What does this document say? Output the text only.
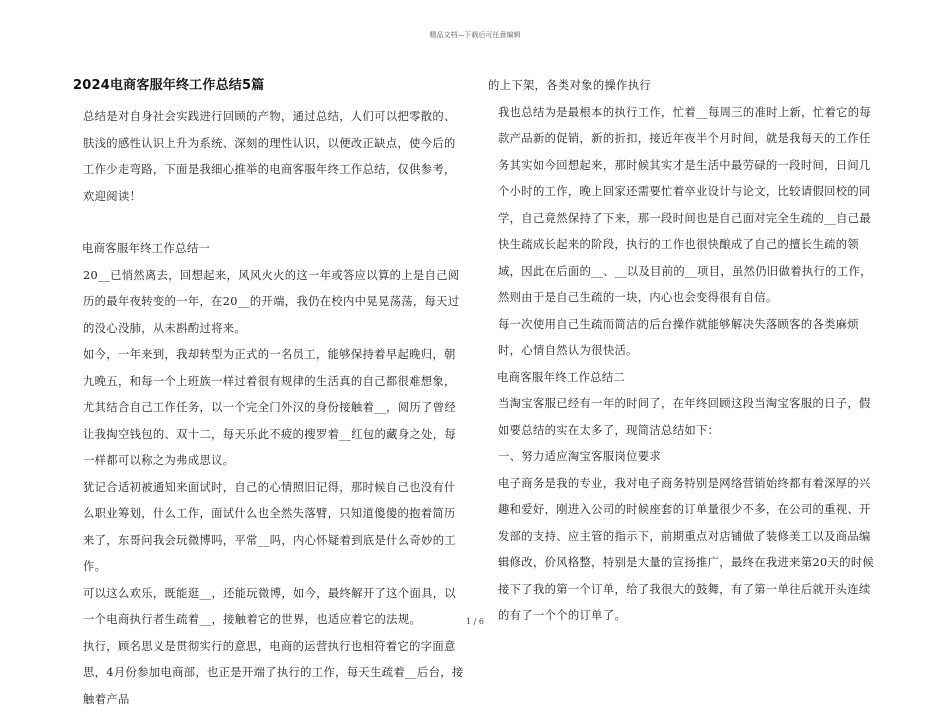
精品文档—下载后可任意编辑
2024电商客服年终工作总结5篇

总结是对自身社会实践进行回顾的产物，通过总结，人们可以把零散的、肤浅的感性认识上升为系统、深刻的理性认识，以便改正缺点，使今后的工作少走弯路，下面是我细心推举的电商客服年终工作总结，仅供参考，欢迎阅读！

电商客服年终工作总结一

20__已悄然离去，回想起来，风风火火的这一年或答应以算的上是自己阅历的最年夜转变的一年，在20__的开端，我仍在校内中晃晃荡荡，每天过的没心没肺，从未斟酌过将来。

如今，一年来到，我却转型为正式的一名员工，能够保持着早起晚归，朝九晚五，和每一个上班族一样过着很有规律的生活真的自己都很难想象，尤其结合自己工作任务，以一个完全门外汉的身份接触着__，阅历了曾经让我掏空钱包的、双十二，每天乐此不疲的搜罗着__红包的藏身之处，每一样都可以称之为弗成思议。

犹记合适初被通知来面试时，自己的心情照旧记得，那时候自己也没有什么职业筹划，什么工作，面试什么也全然失落臂，只知道傻傻的抱着简历来了，东哥问我会玩微博吗，平常__吗，内心怀疑着到底是什么奇妙的工作。

可以这么欢乐，既能逛__，还能玩微博，如今，最终解开了这个面具，以一个电商执行者生疏着__，接触着它的世界，也适应着它的法规。

执行，顾名思义是贯彻实行的意思，电商的运营执行也相符着它的字面意思，4月份参加电商部，也正是开端了执行的工作，每天生疏着__后台，接触着产品

的上下架，各类对象的操作执行

我也总结为是最根本的执行工作，忙着__每周三的准时上新，忙着它的每款产品新的促销，新的折扣，接近年夜半个月时间，就是我每天的工作任务其实如今回想起来，那时候其实才是生活中最劳碌的一段时间，日间几个小时的工作，晚上回家还需要忙着卒业设计与论文，比较请假回校的同学，自己竟然保持了下来，那一段时间也是自己面对完全生疏的__自己最快生疏成长起来的阶段，执行的工作也很快酿成了自己的擅长生疏的领域，因此在后面的__、__以及目前的__项目，虽然仍旧做着执行的工作，然则由于是自己生疏的一块，内心也会变得很有自信。

每一次使用自己生疏而简洁的后台操作就能够解决失落顾客的各类麻烦时，心情自然认为很快活。

电商客服年终工作总结二

当淘宝客服已经有一年的时间了，在年终回顾这段当淘宝客服的日子，假如要总结的实在太多了，现简洁总结如下：

一、努力适应淘宝客服岗位要求

电子商务是我的专业，我对电子商务特别是网络营销始终都有着深厚的兴趣和爱好，刚进入公司的时候座套的订单量很少不多，在公司的重视、开发部的支持、应主管的指示下，前期重点对店铺做了装修美工以及商品编辑修改，价风格整，特别是大量的宣扬推广，最终在我进来第20天的时候接下了我的第一个订单，给了我很大的鼓舞，有了第一单往后就开头连续的有了一个个的订单了。

1 / 6
